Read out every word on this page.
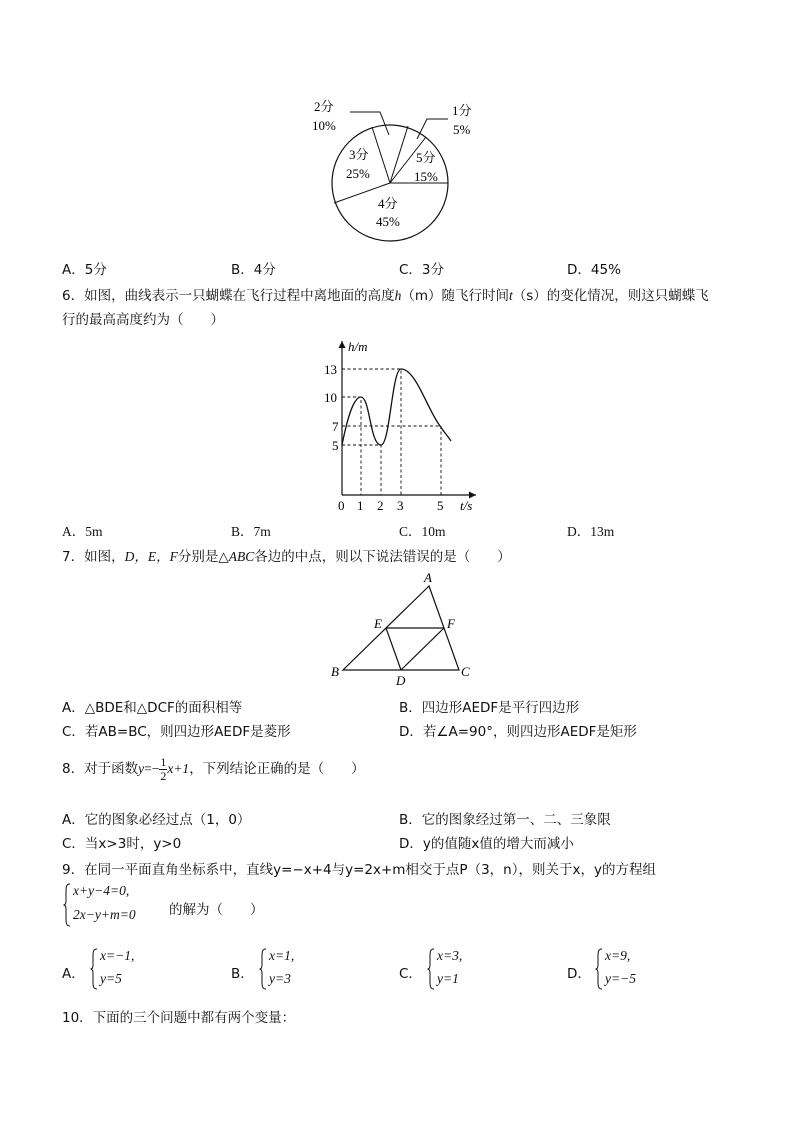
2分
10%
1分
5%
3分
25%
5分
15%
4分
45%
A．5分	B．4分	C．3分	D．45%
6．如图，曲线表示一只蝴蝶在飞行过程中离地面的高度h（m）随飞行时间t（s）的变化情况，则这只蝴蝶飞
行的最高高度约为（　　）
13
10
7
5
0 1 2 3	5
h/m
t/s
A．5m	B．7m	C．10m	D．13m
7．如图，D，E，F分别是△ABC各边的中点，则以下说法错误的是（　　）
A
B	C
D
E	F
A．△BDE和△DCF的面积相等	B．四边形AEDF是平行四边形
C．若AB=BC，则四边形AEDF是菱形	D．若∠A=90°，则四边形AEDF是矩形
8．对于函数$y=- \frac{1}{2} x+1$，下列结论正确的是（　　）
A．它的图象必经过点（1，0）	B．它的图象经过第一、二、三象限
C．当x>3时，y>0	D．y的值随x值的增大而减小
9．在同一平面直角坐标系中，直线y=−x+4与y=2x+m相交于点P（3，n），则关于x，y的方程组
x+y−4=0,
2x−y+m=0 的解为（　　）
A．
x=−1,
y=5	B．
x=1,
y=3	C．
x=3,
y=1	D．
x=9,
y=−5
10．下面的三个问题中都有两个变量：
